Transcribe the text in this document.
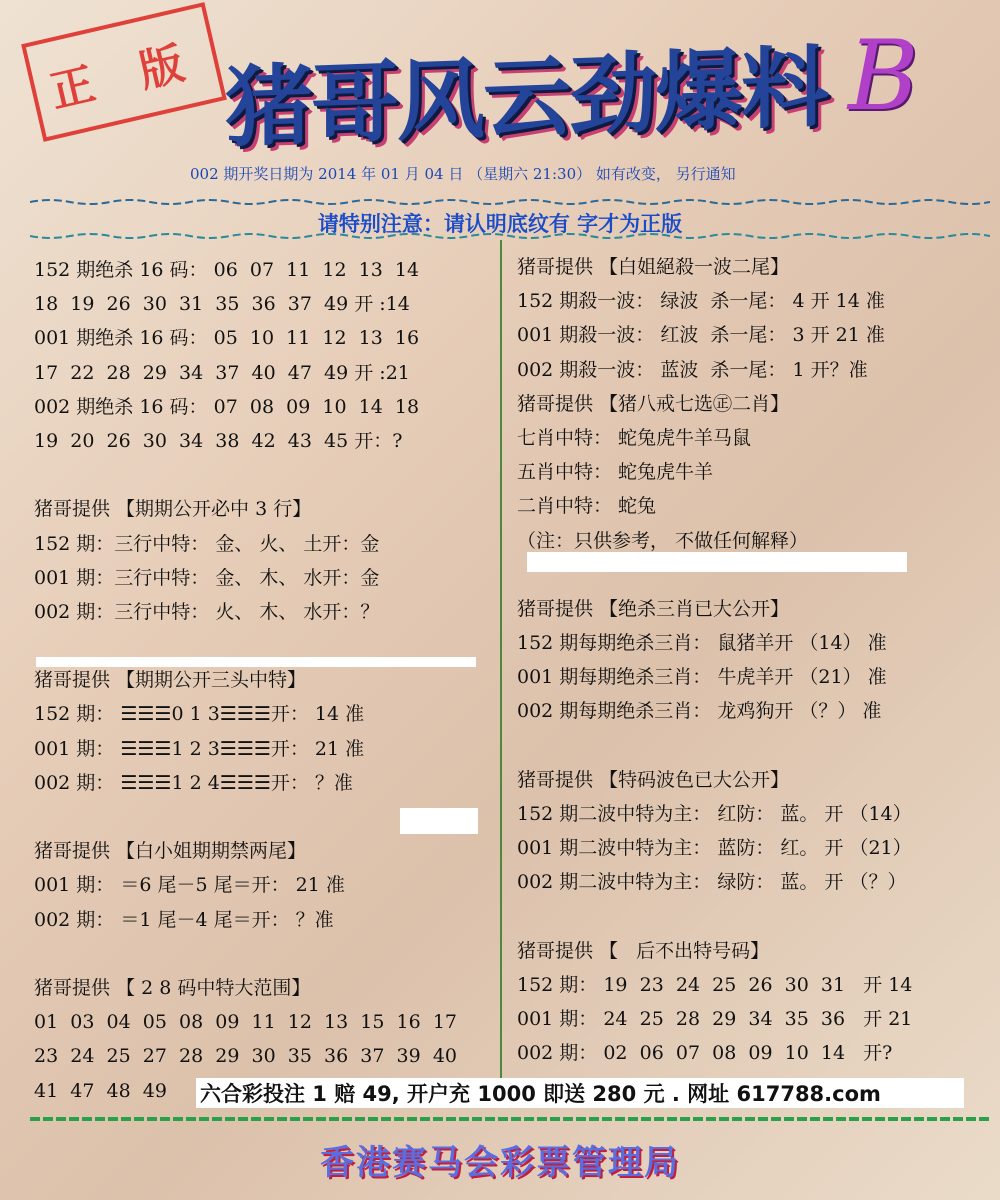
正 版 猪哥风云劲爆料 B
002 期开奖日期为 2014 年 01 月 04 日 （星期六 21:30） 如有改变， 另行通知
请特别注意：请认明底纹有 字才为正版
152 期绝杀 16 码： 06  07  11  12  13  14
18  19  26  30  31  35  36  37  49 开 :14
001 期绝杀 16 码： 05  10  11  12  13  16
17  22  28  29  34  37  40  47  49 开 :21
002 期绝杀 16 码： 07  08  09  10  14  18
19  20  26  30  34  38  42  43  45 开：?
猪哥提供 【期期公开必中 3 行】
152 期：三行中特： 金、 火、 土开：金
001 期：三行中特： 金、 木、 水开：金
002 期：三行中特： 火、 木、 水开：？
猪哥提供 【期期公开三头中特】
152 期： ☰☰☰0 1 3☰☰☰开： 14 准
001 期： ☰☰☰1 2 3☰☰☰开： 21 准
002 期： ☰☰☰1 2 4☰☰☰开： ？准
猪哥提供 【白小姐期期禁两尾】
001 期： ＝6 尾－5 尾＝开： 21 准
002 期： ＝1 尾－4 尾＝开： ？准
猪哥提供 【 2 8 码中特大范围】
01  03  04  05  08  09  11  12  13  15  16  17
23  24  25  27  28  29  30  35  36  37  39  40
41  47  48  49
猪哥提供 【白姐絕殺一波二尾】
152 期殺一波： 绿波  杀一尾： 4 开 14 准
001 期殺一波： 红波  杀一尾： 3 开 21 准
002 期殺一波： 蓝波  杀一尾： 1 开？准
猪哥提供 【猪八戒七选㊣二肖】
七肖中特： 蛇兔虎牛羊马鼠
五肖中特： 蛇兔虎牛羊
二肖中特： 蛇兔
（注：只供参考， 不做任何解释）
猪哥提供 【绝杀三肖已大公开】
152 期每期绝杀三肖： 鼠猪羊开 （14） 准
001 期每期绝杀三肖： 牛虎羊开 （21） 准
002 期每期绝杀三肖： 龙鸡狗开 （？） 准
猪哥提供 【特码波色已大公开】
152 期二波中特为主： 红防： 蓝。 开 （14）
001 期二波中特为主： 蓝防： 红。 开 （21）
002 期二波中特为主： 绿防： 蓝。 开 （？）
猪哥提供 【   后不出特号码】
152 期： 19  23  24  25  26  30  31   开 14
001 期： 24  25  28  29  34  35  36   开 21
002 期： 02  06  07  08  09  10  14   开?
六合彩投注 1 赔 49, 开户充 1000 即送 280 元 . 网址 617788.com
香港赛马会彩票管理局
